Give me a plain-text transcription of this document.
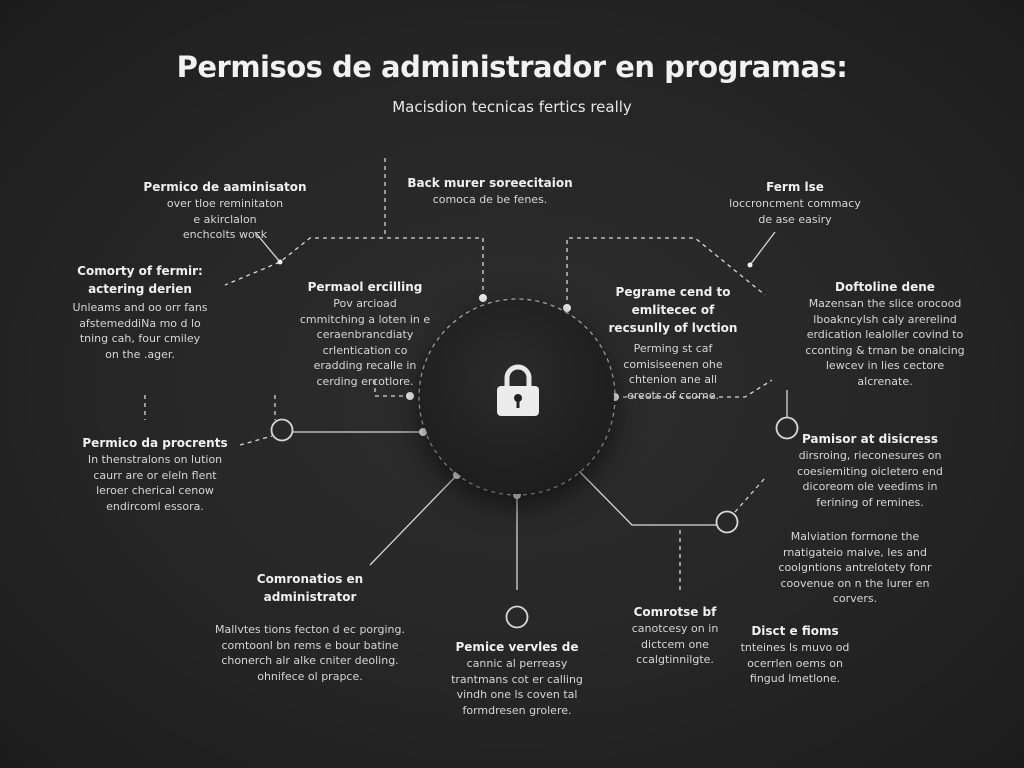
Permisos de administrador en programas:
Macisdion tecnicas fertics really
Permico de aaminisaton
over tloe reminitaton
e akirclalon
enchcolts wock
Back murer soreecitaion
comoca de be fenes.
Ferm lse
loccroncment commacy
de ase easiry
Comorty of fermir: actering derien
Unleams and oo orr fans
afstemeddiNa mo d lo
tning cah, four cmiley
on the .ager.
Permaol ercilling
Pov arcioad
cmmitching a loten in e
ceraenbrancdiaty
crlentication co
eradding recalle in
cerding ercotlore.
Pegrame cend to emlitecec of recsunlly of lvction
Perming st caf
comisiseenen ohe
chtenion ane all
ereots of ccome.
Doftoline dene
Mazensan the slice orocood
lboakncylsh caly arerelind
erdication lealoller covind to
cconting & trnan be onalcing
lewcev in lies cectore
alcrenate.
Permico da procrents
In thenstralons on lution
caurr are or eleln flent
leroer cherical cenow
endircoml essora.
Pamisor at disicress
dirsroing, rieconesures on
coesiemiting oicletero end
dicoreom ole veedims in
ferining of remines.
Malviation forrnone the
rnatigateio maive, les and
coolgntions antrelotety fonr
coovenue on n the lurer en
corvers.
Comronatios en administrator
Mallvtes tions fecton d ec porging.
comtoonl bn rems e bour batine
chonerch alr alke cniter deoling.
ohnifece ol prapce.
Pemice vervles de
cannic al perreasy
trantmans cot er calling
vindh one ls coven tal
formdresen grolere.
Comrotse bf
canotcesy on in
dictcem one
ccalgtinnilgte.
Disct e fioms
tnteines ls muvo od
ocerrlen oems on
fingud lmetlone.
